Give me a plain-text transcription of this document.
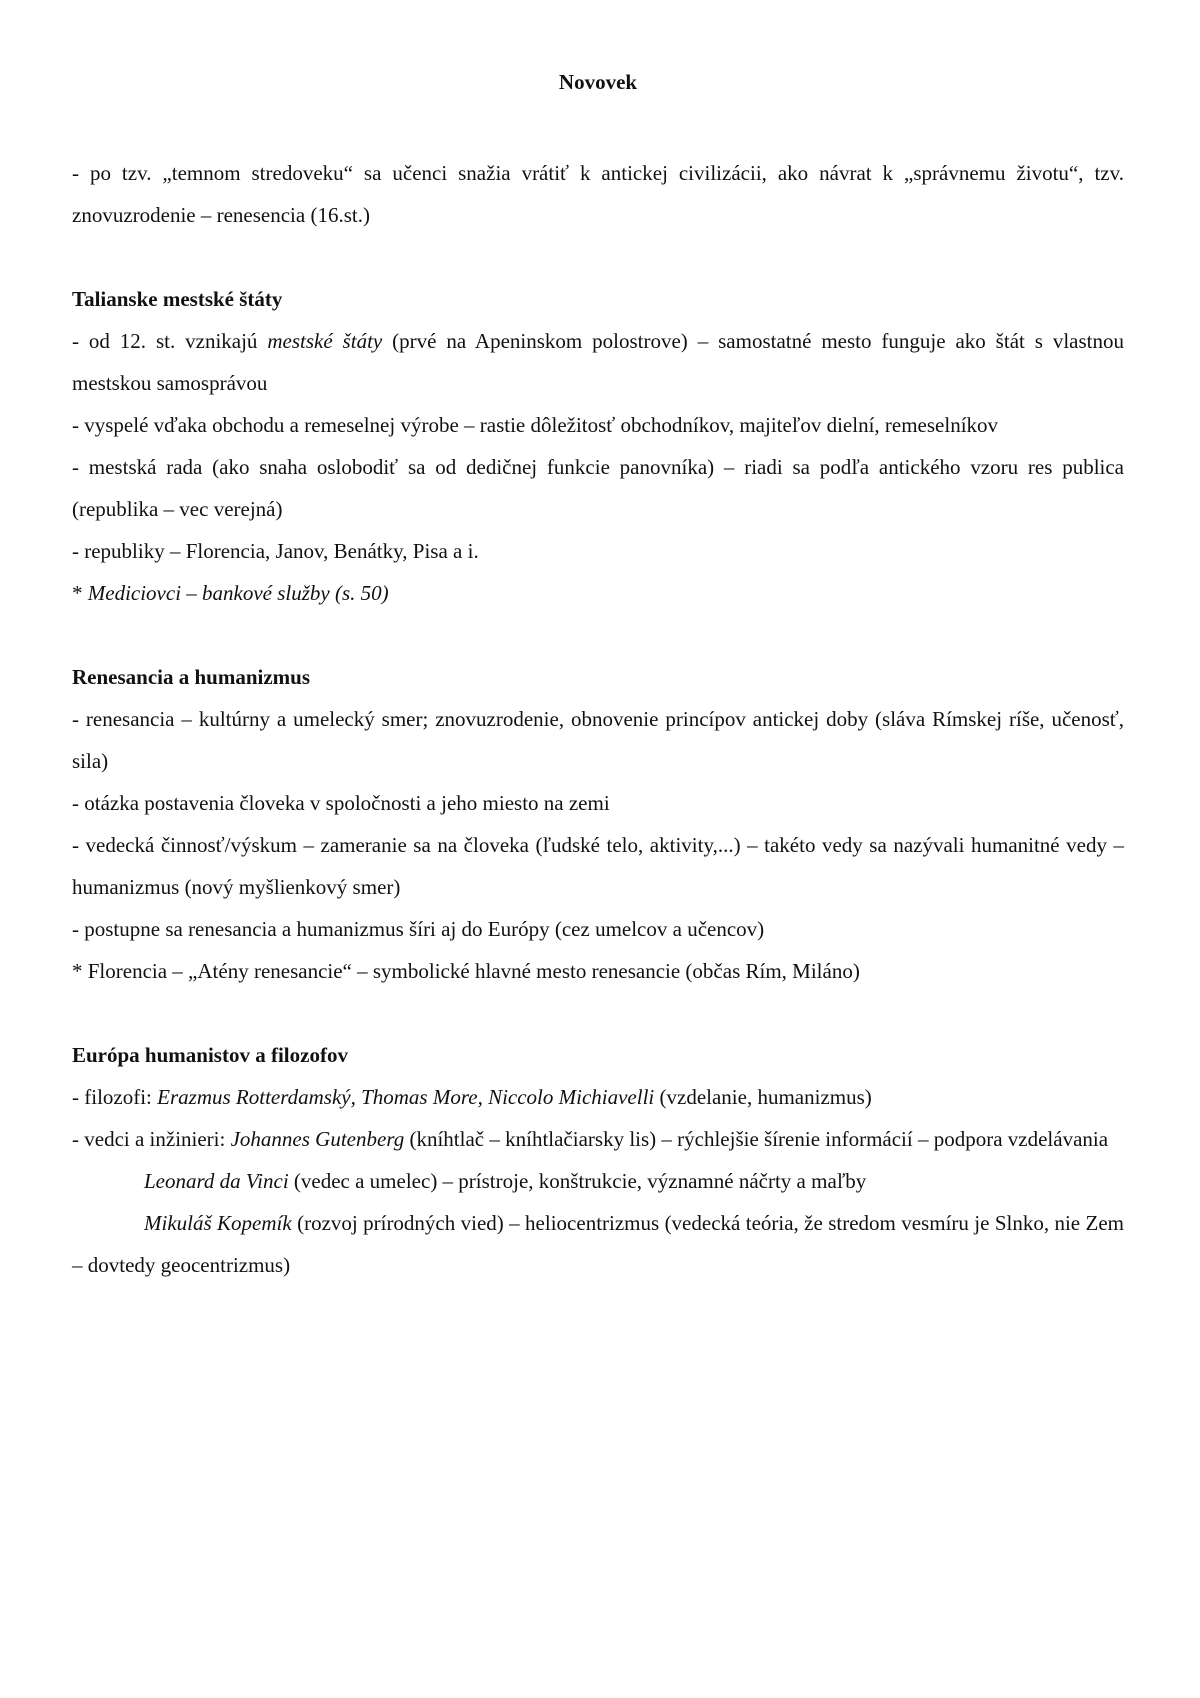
Novovek

- po tzv. „temnom stredoveku“ sa učenci snažia vrátiť k antickej civilizácii, ako návrat k „správnemu životu“, tzv. znovuzrodenie – renesencia (16.st.)

Talianske mestské štáty

- od 12. st. vznikajú mestské štáty (prvé na Apeninskom polostrove) – samostatné mesto funguje ako štát s vlastnou mestskou samosprávou

- vyspelé vďaka obchodu a remeselnej výrobe – rastie dôležitosť obchodníkov, majiteľov dielní, remeselníkov

- mestská rada (ako snaha oslobodiť sa od dedičnej funkcie panovníka) – riadi sa podľa antického vzoru res publica (republika – vec verejná)

- republiky – Florencia, Janov, Benátky, Pisa a i.

* Mediciovci – bankové služby (s. 50)

Renesancia a humanizmus

- renesancia – kultúrny a umelecký smer; znovuzrodenie, obnovenie princípov antickej doby (sláva Rímskej ríše, učenosť, sila)

- otázka postavenia človeka v spoločnosti a jeho miesto na zemi

- vedecká činnosť/výskum – zameranie sa na človeka (ľudské telo, aktivity,...) – takéto vedy sa nazývali humanitné vedy – humanizmus (nový myšlienkový smer)

- postupne sa renesancia a humanizmus šíri aj do Európy (cez umelcov a učencov)

* Florencia – „Atény renesancie“ – symbolické hlavné mesto renesancie (občas Rím, Miláno)

Európa humanistov a filozofov

- filozofi: Erazmus Rotterdamský, Thomas More, Niccolo Michiavelli (vzdelanie, humanizmus)

- vedci a inžinieri: Johannes Gutenberg (kníhtlač – kníhtlačiarsky lis) – rýchlejšie šírenie informácií – podpora vzdelávania

Leonard da Vinci (vedec a umelec) – prístroje, konštrukcie, významné náčrty a maľby

Mikuláš Kopemík (rozvoj prírodných vied) – heliocentrizmus (vedecká teória, že stredom vesmíru je Slnko, nie Zem – dovtedy geocentrizmus)
